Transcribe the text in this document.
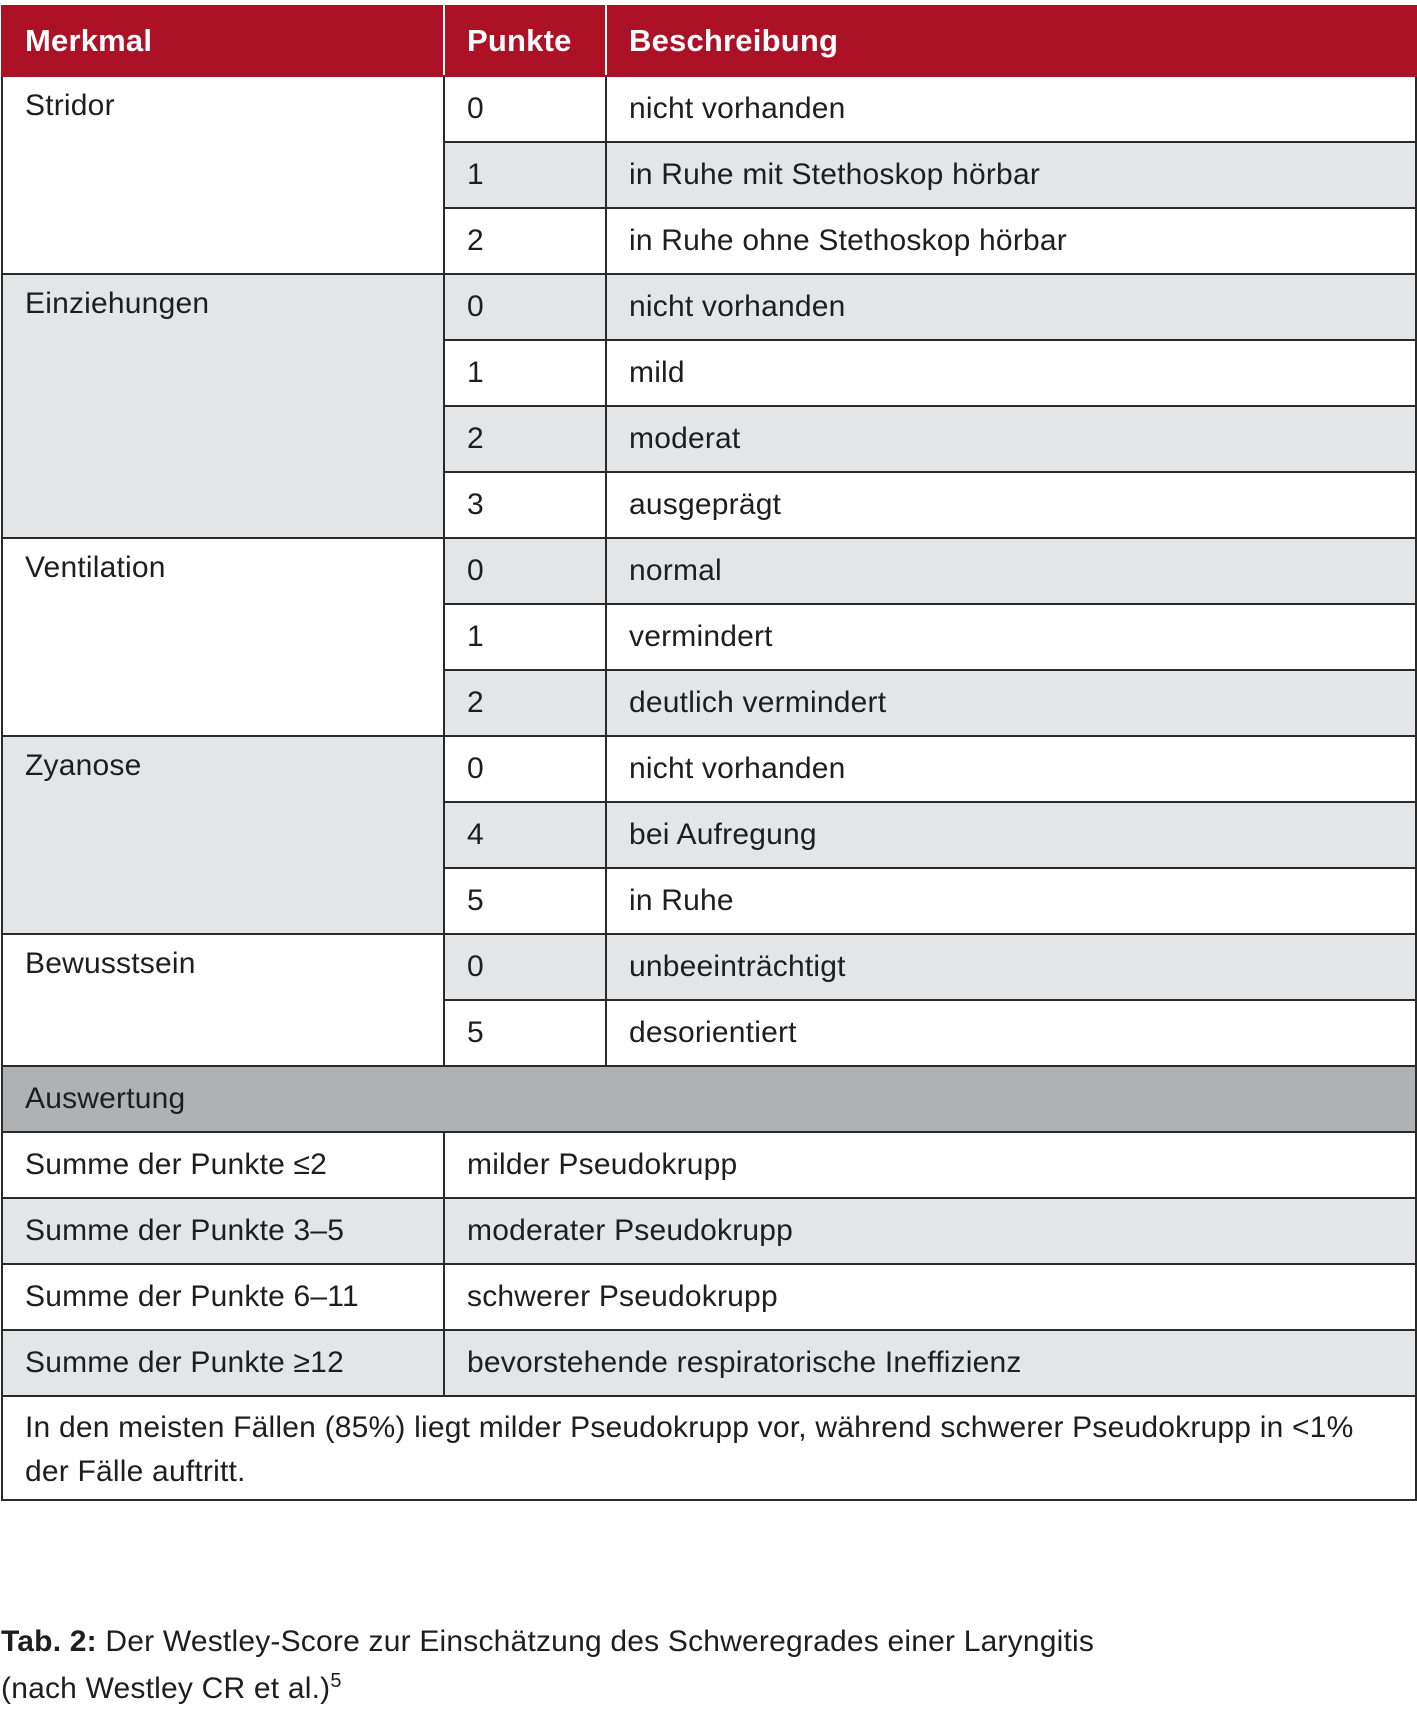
Merkmal	Punkte	Beschreibung
Stridor	0	nicht vorhanden
	1	in Ruhe mit Stethoskop hörbar
	2	in Ruhe ohne Stethoskop hörbar
Einziehungen	0	nicht vorhanden
	1	mild
	2	moderat
	3	ausgeprägt
Ventilation	0	normal
	1	vermindert
	2	deutlich vermindert
Zyanose	0	nicht vorhanden
	4	bei Aufregung
	5	in Ruhe
Bewusstsein	0	unbeeinträchtigt
	5	desorientiert
Auswertung		
Summe der Punkte ≤2	milder Pseudokrupp	
Summe der Punkte 3–5	moderater Pseudokrupp	
Summe der Punkte 6–11	schwerer Pseudokrupp	
Summe der Punkte ≥12	bevorstehende respiratorische Ineffizienz	
In den meisten Fällen (85%) liegt milder Pseudokrupp vor, während schwerer Pseudokrupp in <1% der Fälle auftritt.		
Tab. 2: Der Westley-Score zur Einschätzung des Schweregrades einer Laryngitis
(nach Westley CR et al.)$^5$
